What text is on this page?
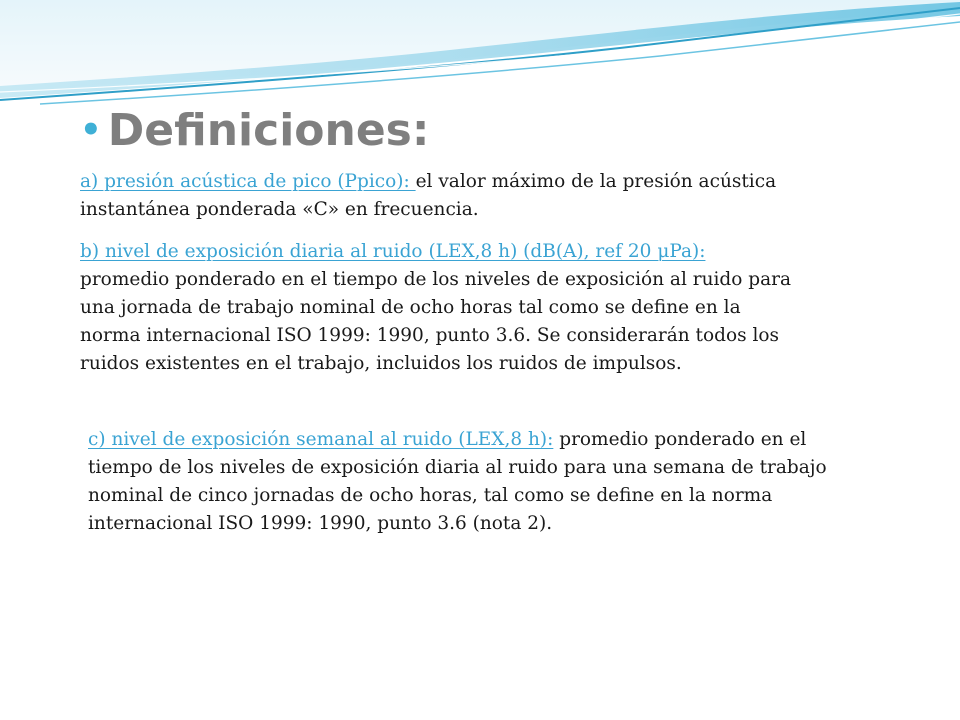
• Definiciones:
a) presión acústica de pico (Ppico): el valor máximo de la presión acústica instantánea ponderada «C» en frecuencia.
b) nivel de exposición diaria al ruido (LEX,8 h) (dB(A), ref 20 μPa): promedio ponderado en el tiempo de los niveles de exposición al ruido para una jornada de trabajo nominal de ocho horas tal como se define en la norma internacional ISO 1999: 1990, punto 3.6. Se considerarán todos los ruidos existentes en el trabajo, incluidos los ruidos de impulsos.
c) nivel de exposición semanal al ruido (LEX,8 h): promedio ponderado en el tiempo de los niveles de exposición diaria al ruido para una semana de trabajo nominal de cinco jornadas de ocho horas, tal como se define en la norma internacional ISO 1999: 1990, punto 3.6 (nota 2).
